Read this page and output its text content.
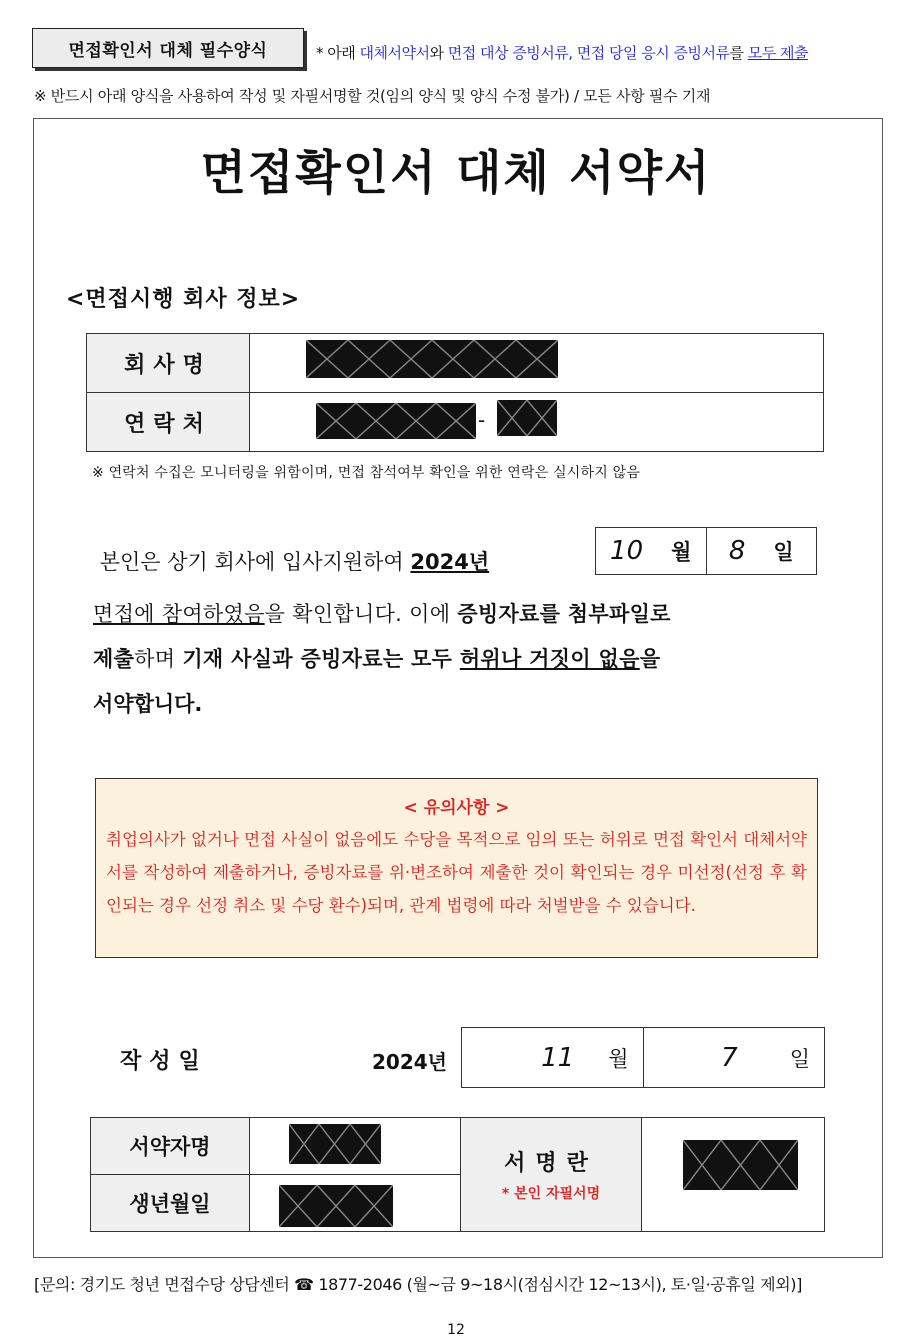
면접확인서 대체 필수양식	* 아래 대체서약서와 면접 대상 증빙서류, 면접 당일 응시 증빙서류를 모두 제출
※ 반드시 아래 양식을 사용하여 작성 및 자필서명할 것(임의 양식 및 양식 수정 불가) / 모든 사항 필수 기재
면접확인서 대체 서약서
<면접시행 회사 정보>
회사명	
연락처		-
※ 연락처 수집은 모니터링을 위함이며, 면접 참석여부 확인을 위한 연락은 실시하지 않음
본인은 상기 회사에 입사지원하여 2024년	10 월 8 일
면접에 참여하였음을 확인합니다. 이에 증빙자료를 첨부파일로
제출하며 기재 사실과 증빙자료는 모두 허위나 거짓이 없음을
서약합니다.
< 유의사항 >
취업의사가 없거나 면접 사실이 없음에도 수당을 목적으로 임의 또는 허위로 면접 확인서 대체서약서를 작성하여 제출하거나, 증빙자료를 위·변조하여 제출한 것이 확인되는 경우 미선정(선정 후 확인되는 경우 선정 취소 및 수당 환수)되며, 관계 법령에 따라 처벌받을 수 있습니다.
작성일	2024년	11 월	7 일
서약자명		서명란
* 본인 자필서명	

생년월일			
[문의: 경기도 청년 면접수당 상담센터 ☎ 1877-2046 (월~금 9~18시(점심시간 12~13시), 토·일·공휴일 제외)]
12
